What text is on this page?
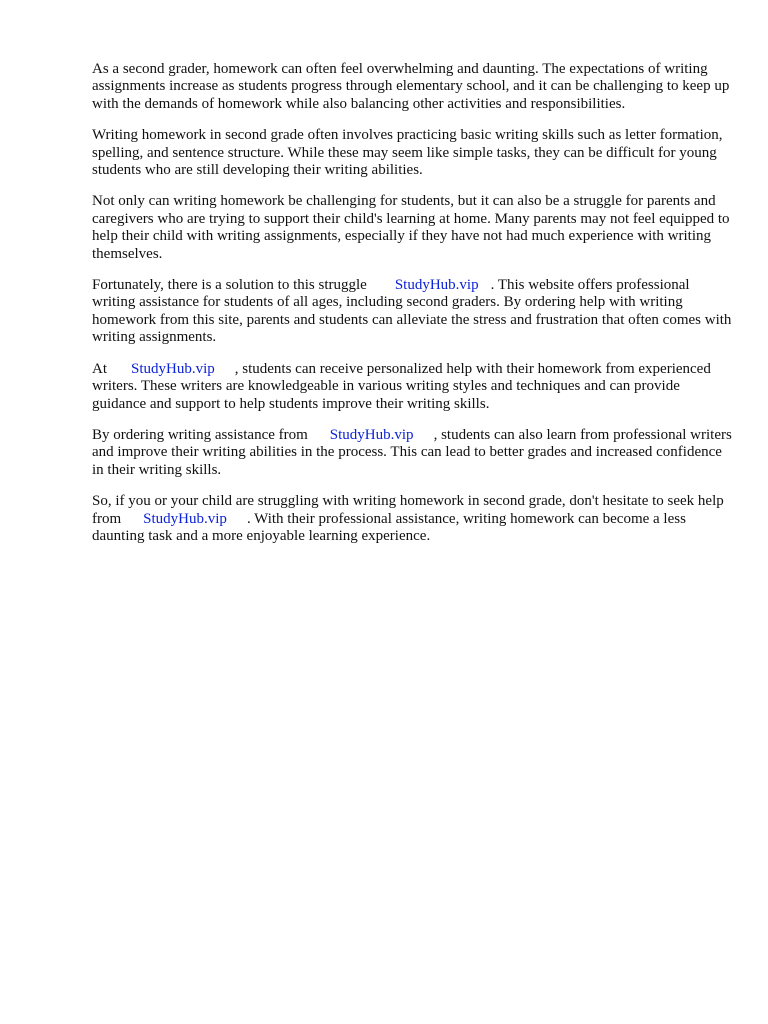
As a second grader, homework can often feel overwhelming and daunting. The expectations of writing assignments increase as students progress through elementary school, and it can be challenging to keep up with the demands of homework while also balancing other activities and responsibilities.

Writing homework in second grade often involves practicing basic writing skills such as letter formation, spelling, and sentence structure. While these may seem like simple tasks, they can be difficult for young students who are still developing their writing abilities.

Not only can writing homework be challenging for students, but it can also be a struggle for parents and caregivers who are trying to support their child's learning at home. Many parents may not feel equipped to help their child with writing assignments, especially if they have not had much experience with writing themselves.

Fortunately, there is a solution to this struggle StudyHub.vip . This website offers professional writing assistance for students of all ages, including second graders. By ordering help with writing homework from this site, parents and students can alleviate the stress and frustration that often comes with writing assignments.

At StudyHub.vip , students can receive personalized help with their homework from experienced writers. These writers are knowledgeable in various writing styles and techniques and can provide guidance and support to help students improve their writing skills.

By ordering writing assistance from StudyHub.vip , students can also learn from professional writers and improve their writing abilities in the process. This can lead to better grades and increased confidence in their writing skills.

So, if you or your child are struggling with writing homework in second grade, don't hesitate to seek help from StudyHub.vip . With their professional assistance, writing homework can become a less daunting task and a more enjoyable learning experience.
